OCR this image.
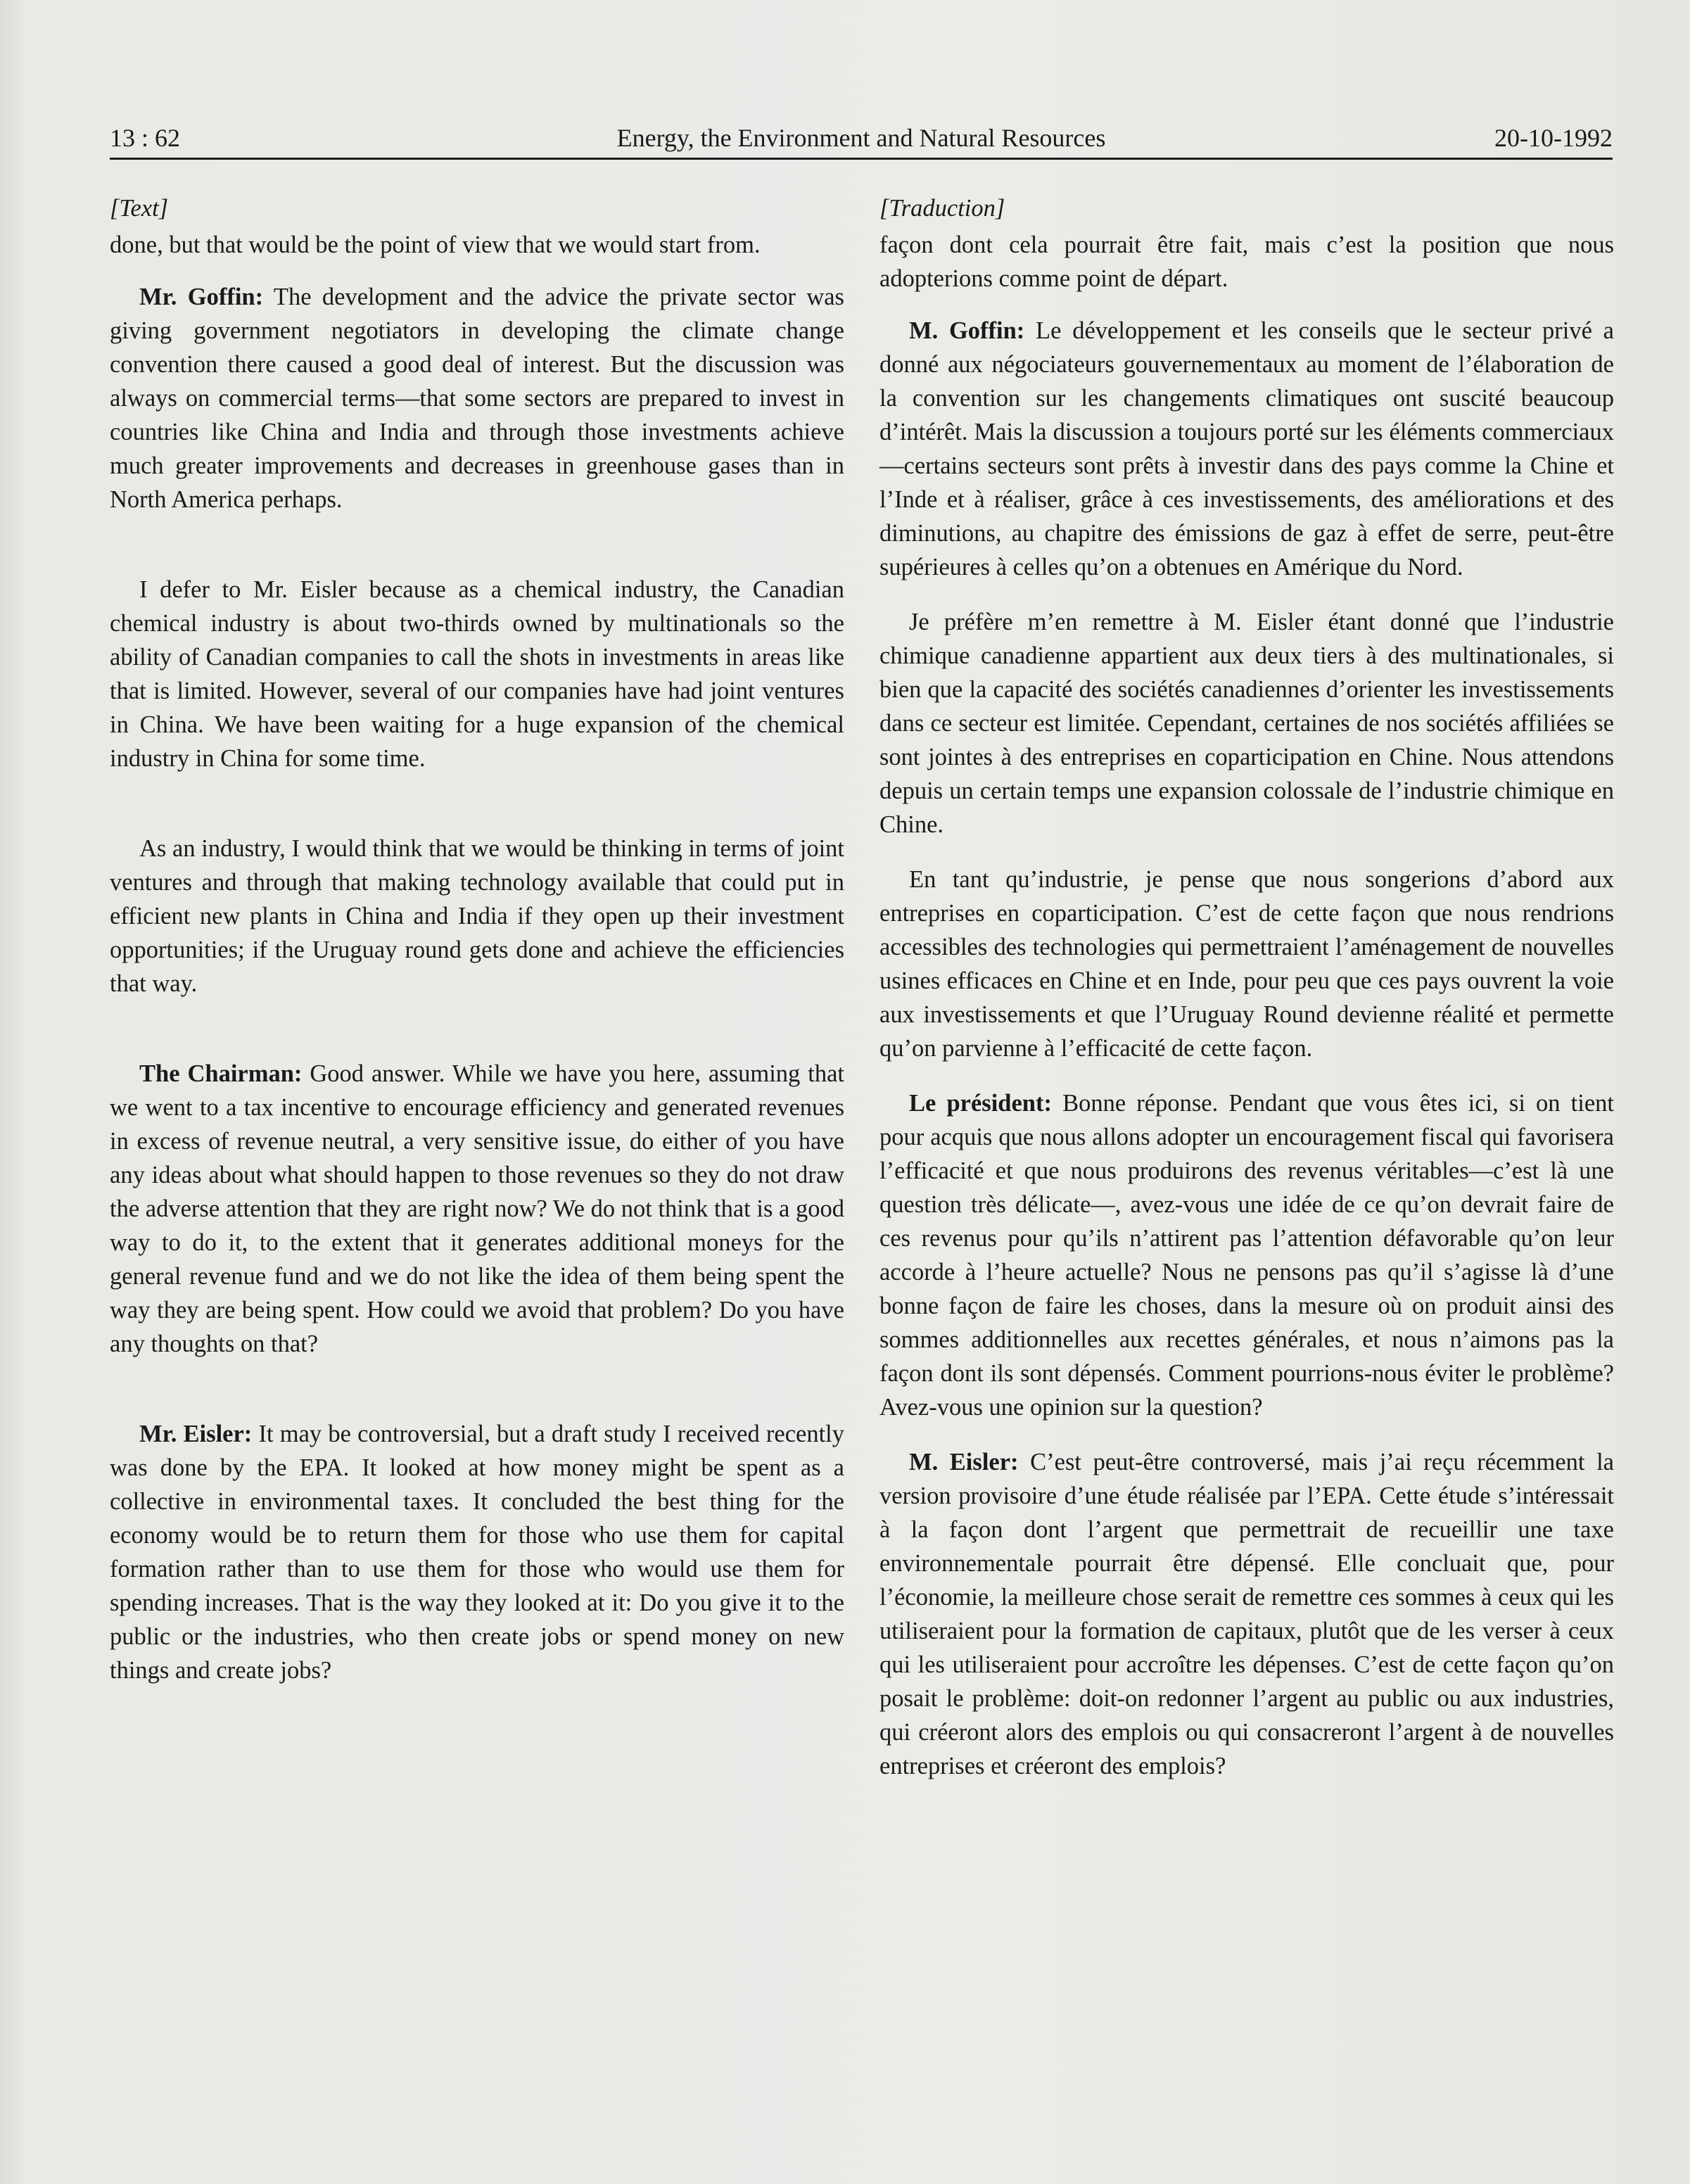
13 : 62	Energy, the Environment and Natural Resources	20-10-1992

[Text]

done, but that would be the point of view that we would start from.

Mr. Goffin: The development and the advice the private sector was giving government negotiators in developing the climate change convention there caused a good deal of interest. But the discussion was always on commercial terms—that some sectors are prepared to invest in countries like China and India and through those investments achieve much greater improvements and decreases in greenhouse gases than in North America perhaps.

I defer to Mr. Eisler because as a chemical industry, the Canadian chemical industry is about two-thirds owned by multinationals so the ability of Canadian companies to call the shots in investments in areas like that is limited. However, several of our companies have had joint ventures in China. We have been waiting for a huge expansion of the chemical industry in China for some time.

As an industry, I would think that we would be thinking in terms of joint ventures and through that making technology available that could put in efficient new plants in China and India if they open up their investment opportunities; if the Uruguay round gets done and achieve the efficiencies that way.

The Chairman: Good answer. While we have you here, assuming that we went to a tax incentive to encourage efficiency and generated revenues in excess of revenue neutral, a very sensitive issue, do either of you have any ideas about what should happen to those revenues so they do not draw the adverse attention that they are right now? We do not think that is a good way to do it, to the extent that it generates additional moneys for the general revenue fund and we do not like the idea of them being spent the way they are being spent. How could we avoid that problem? Do you have any thoughts on that?

Mr. Eisler: It may be controversial, but a draft study I received recently was done by the EPA. It looked at how money might be spent as a collective in environmental taxes. It concluded the best thing for the economy would be to return them for those who use them for capital formation rather than to use them for those who would use them for spending increases. That is the way they looked at it: Do you give it to the public or the industries, who then create jobs or spend money on new things and create jobs?

[Traduction]

façon dont cela pourrait être fait, mais c’est la position que nous adopterions comme point de départ.

M. Goffin: Le développement et les conseils que le secteur privé a donné aux négociateurs gouvernementaux au moment de l’élaboration de la convention sur les changements climatiques ont suscité beaucoup d’intérêt. Mais la discussion a toujours porté sur les éléments commerciaux—certains secteurs sont prêts à investir dans des pays comme la Chine et l’Inde et à réaliser, grâce à ces investissements, des améliorations et des diminutions, au chapitre des émissions de gaz à effet de serre, peut-être supérieures à celles qu’on a obtenues en Amérique du Nord.

Je préfère m’en remettre à M. Eisler étant donné que l’industrie chimique canadienne appartient aux deux tiers à des multinationales, si bien que la capacité des sociétés canadiennes d’orienter les investissements dans ce secteur est limitée. Cependant, certaines de nos sociétés affiliées se sont jointes à des entreprises en coparticipation en Chine. Nous attendons depuis un certain temps une expansion colossale de l’industrie chimique en Chine.

En tant qu’industrie, je pense que nous songerions d’abord aux entreprises en coparticipation. C’est de cette façon que nous rendrions accessibles des technologies qui permettraient l’aménagement de nouvelles usines efficaces en Chine et en Inde, pour peu que ces pays ouvrent la voie aux investissements et que l’Uruguay Round devienne réalité et permette qu’on parvienne à l’efficacité de cette façon.

Le président: Bonne réponse. Pendant que vous êtes ici, si on tient pour acquis que nous allons adopter un encouragement fiscal qui favorisera l’efficacité et que nous produirons des revenus véritables—c’est là une question très délicate—, avez-vous une idée de ce qu’on devrait faire de ces revenus pour qu’ils n’attirent pas l’attention défavorable qu’on leur accorde à l’heure actuelle? Nous ne pensons pas qu’il s’agisse là d’une bonne façon de faire les choses, dans la mesure où on produit ainsi des sommes additionnelles aux recettes générales, et nous n’aimons pas la façon dont ils sont dépensés. Comment pourrions-nous éviter le problème? Avez-vous une opinion sur la question?

M. Eisler: C’est peut-être controversé, mais j’ai reçu récemment la version provisoire d’une étude réalisée par l’EPA. Cette étude s’intéressait à la façon dont l’argent que permettrait de recueillir une taxe environnementale pourrait être dépensé. Elle concluait que, pour l’économie, la meilleure chose serait de remettre ces sommes à ceux qui les utiliseraient pour la formation de capitaux, plutôt que de les verser à ceux qui les utiliseraient pour accroître les dépenses. C’est de cette façon qu’on posait le problème: doit-on redonner l’argent au public ou aux industries, qui créeront alors des emplois ou qui consacreront l’argent à de nouvelles entreprises et créeront des emplois?
